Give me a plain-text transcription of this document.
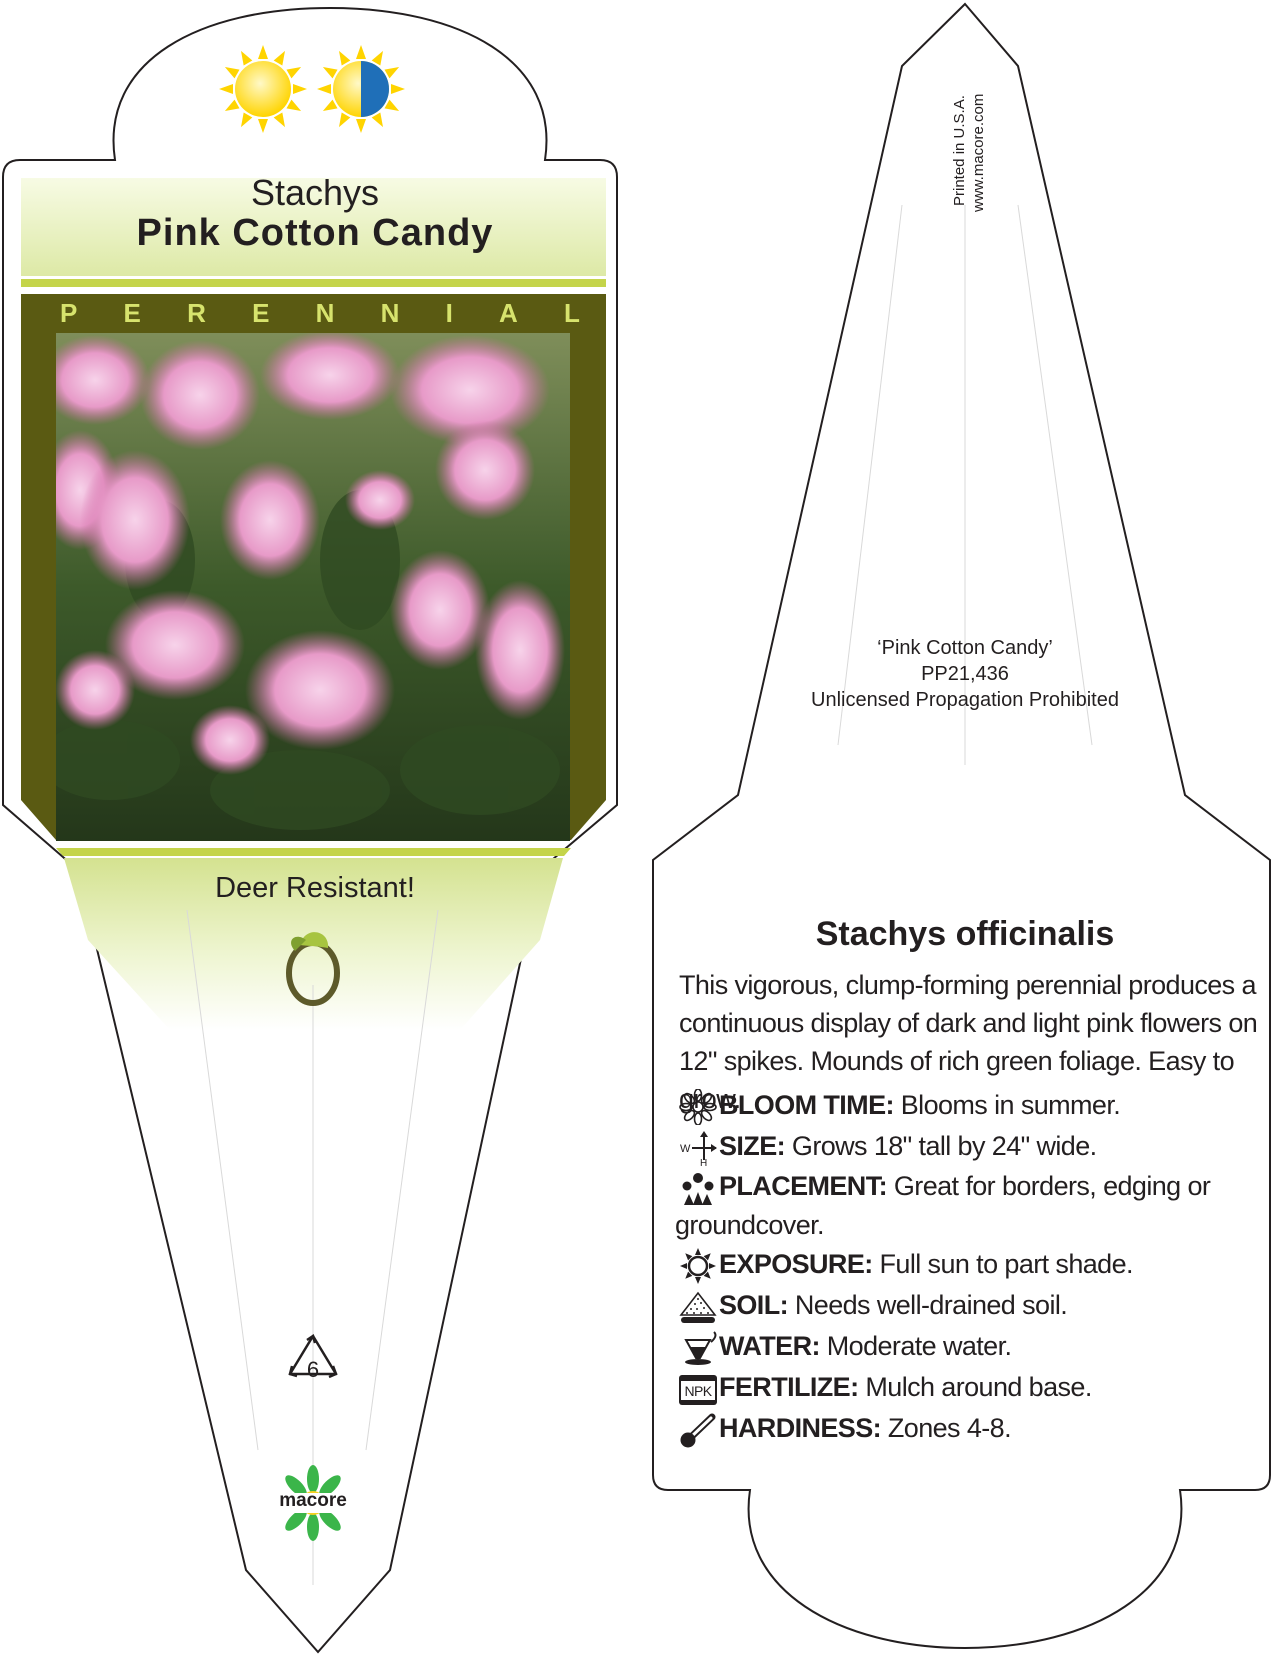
Stachys
Pink Cotton Candy
P E R E N N I A L
Deer Resistant!
6
macore
Printed in U.S.A. www.macore.com
‘Pink Cotton Candy’
PP21,436
Unlicensed Propagation Prohibited
Stachys officinalis
This vigorous, clump-forming perennial produces a continuous display of dark and light pink flowers on 12" spikes. Mounds of rich green foliage. Easy to grow.
BLOOM TIME: Blooms in summer.
W
H
SIZE: Grows 18" tall by 24" wide.
PLACEMENT: Great for borders, edging or
groundcover.
EXPOSURE: Full sun to part shade.
SOIL: Needs well-drained soil.
WATER: Moderate water.
NPK FERTILIZE: Mulch around base.
HARDINESS: Zones 4-8.
